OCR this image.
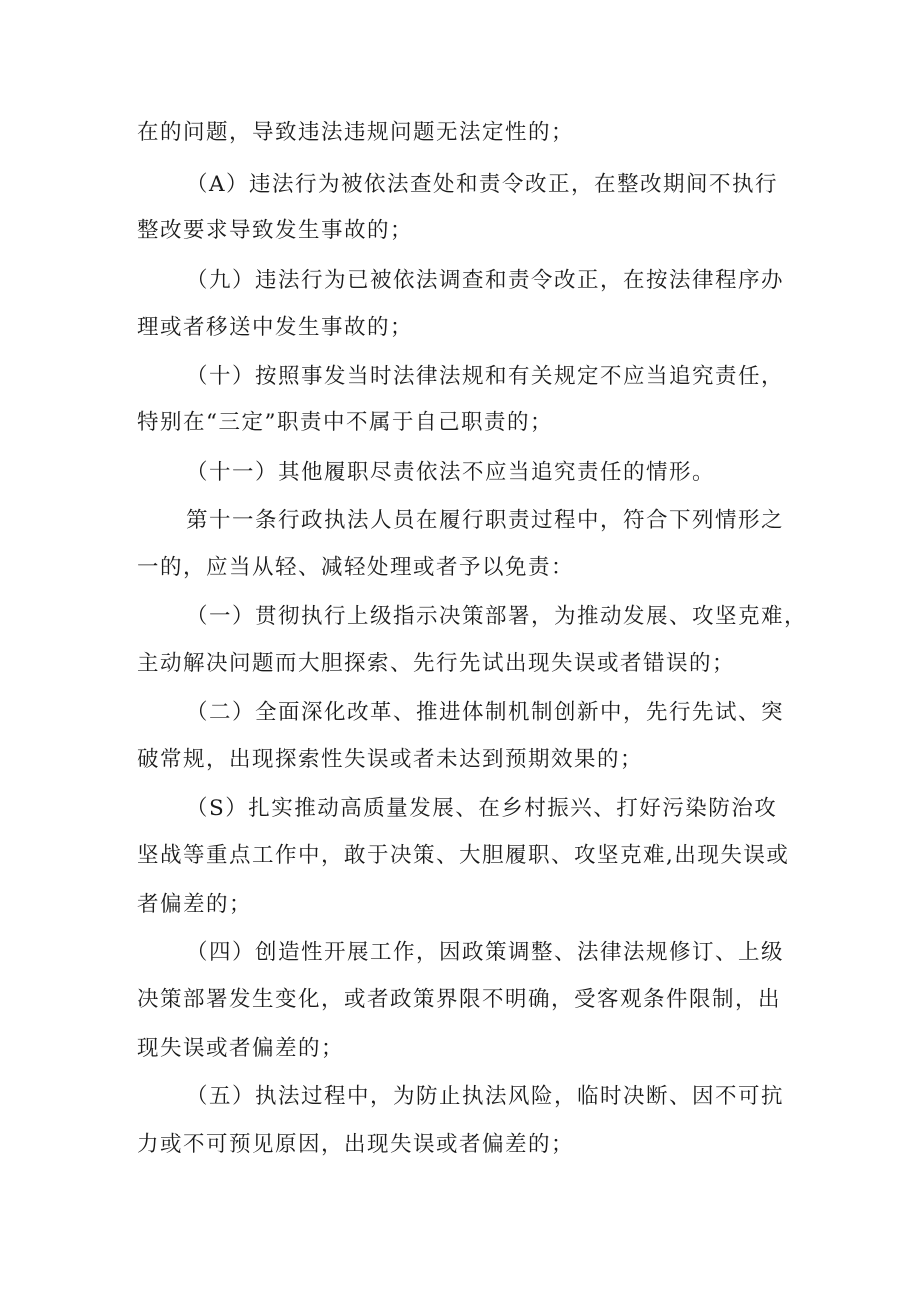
在的问题，导致违法违规问题无法定性的；
（A）违法行为被依法查处和责令改正，在整改期间不执行
整改要求导致发生事故的；
（九）违法行为已被依法调查和责令改正，在按法律程序办
理或者移送中发生事故的；
（十）按照事发当时法律法规和有关规定不应当追究责任，
特别在“三定”职责中不属于自己职责的；
（十一）其他履职尽责依法不应当追究责任的情形。
第十一条行政执法人员在履行职责过程中，符合下列情形之
一的，应当从轻、减轻处理或者予以免责：
（一）贯彻执行上级指示决策部署，为推动发展、攻坚克难，
主动解决问题而大胆探索、先行先试出现失误或者错误的；
（二）全面深化改革、推进体制机制创新中，先行先试、突
破常规，出现探索性失误或者未达到预期效果的；
（S）扎实推动高质量发展、在乡村振兴、打好污染防治攻
坚战等重点工作中，敢于决策、大胆履职、攻坚克难,出现失误或
者偏差的；
（四）创造性开展工作，因政策调整、法律法规修订、上级
决策部署发生变化，或者政策界限不明确，受客观条件限制，出
现失误或者偏差的；
（五）执法过程中，为防止执法风险，临时决断、因不可抗
力或不可预见原因，出现失误或者偏差的；
